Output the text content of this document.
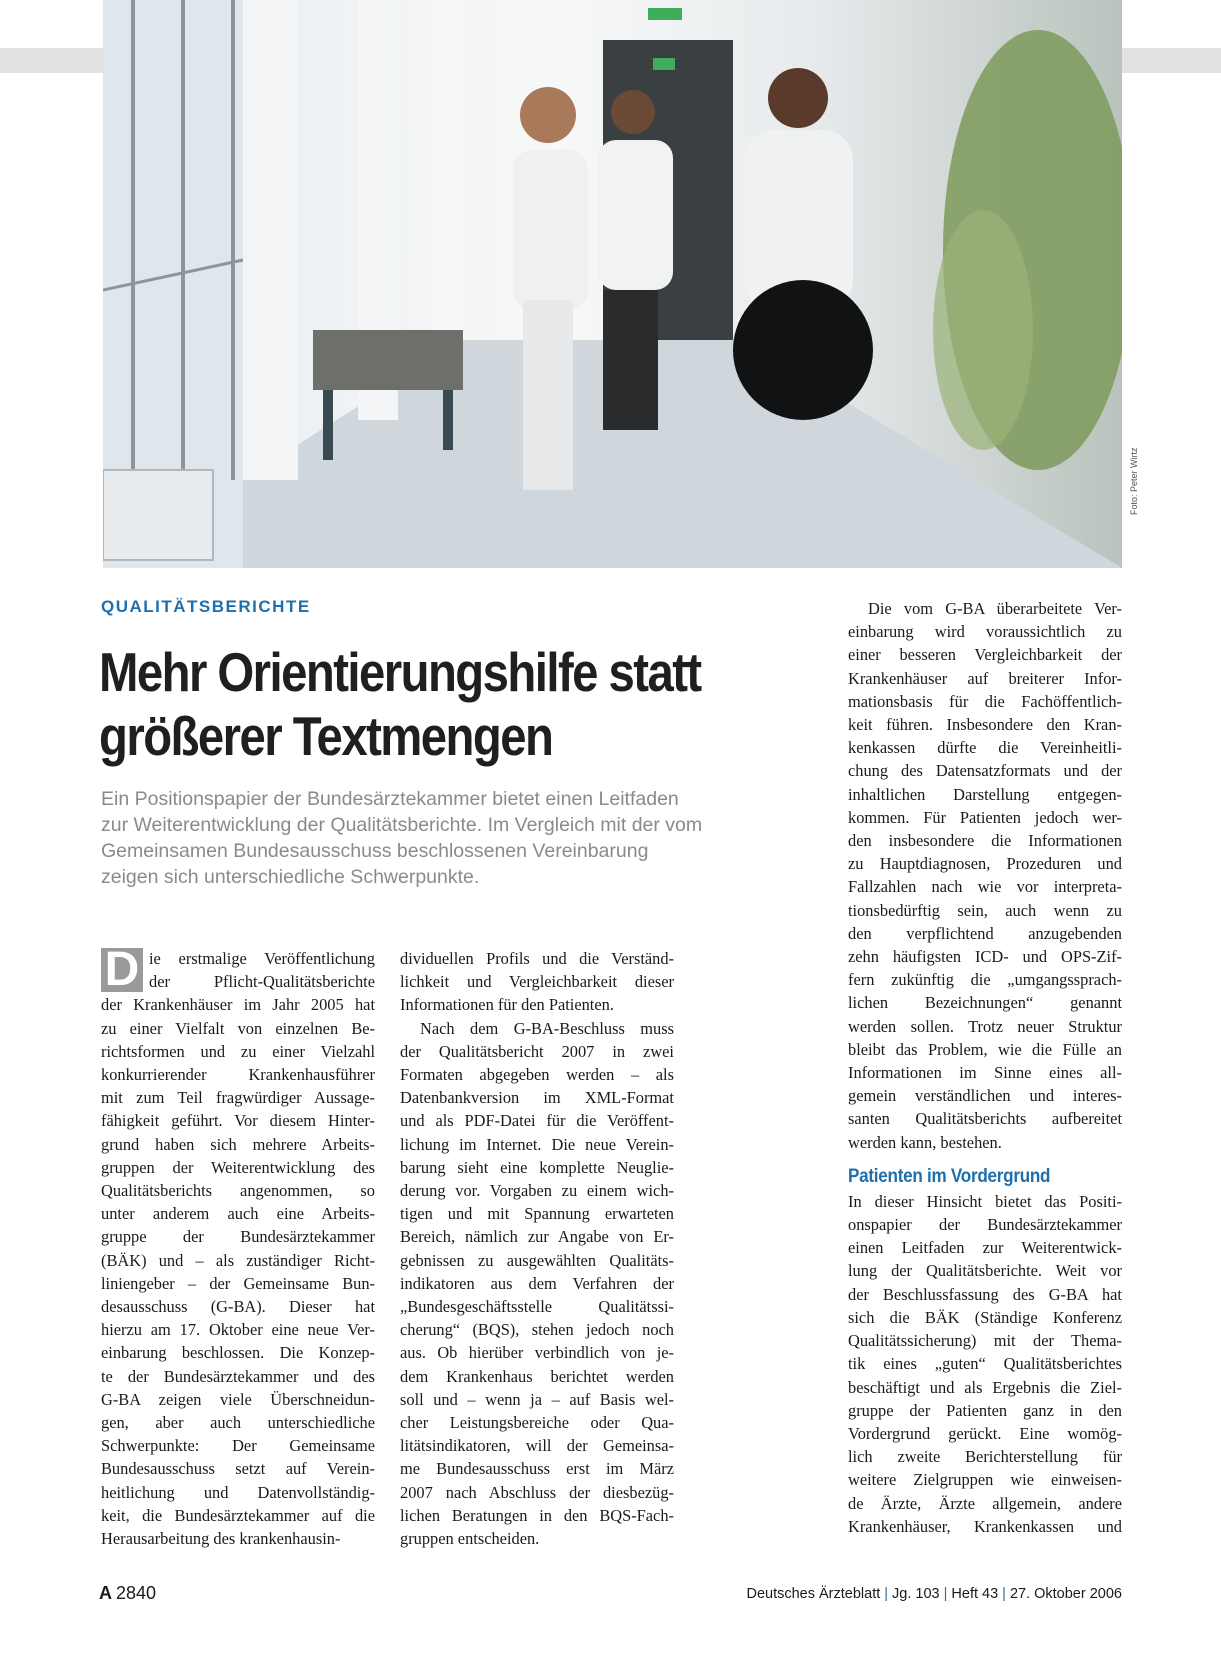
Foto: Peter Wirtz
QUALITÄTSBERICHTE
Mehr Orientierungshilfe statt
größerer Textmengen

Ein Positionspapier der Bundesärztekammer bietet einen Leitfaden
zur Weiterentwicklung der Qualitätsberichte. Im Vergleich mit der vom
Gemeinsamen Bundesausschuss beschlossenen Vereinbarung
zeigen sich unterschiedliche Schwerpunkte.

D ie erstmalige Veröffentlichung
der Pflicht-Qualitätsberichte
der Krankenhäuser im Jahr 2005 hat
zu einer Vielfalt von einzelnen Be-
richtsformen und zu einer Vielzahl
konkurrierender Krankenhausführer
mit zum Teil fragwürdiger Aussage-
fähigkeit geführt. Vor diesem Hinter-
grund haben sich mehrere Arbeits-
gruppen der Weiterentwicklung des
Qualitätsberichts angenommen, so
unter anderem auch eine Arbeits-
gruppe der Bundesärztekammer
(BÄK) und – als zuständiger Richt-
liniengeber – der Gemeinsame Bun-
desausschuss (G-BA). Dieser hat
hierzu am 17. Oktober eine neue Ver-
einbarung beschlossen. Die Konzep-
te der Bundesärztekammer und des
G-BA zeigen viele Überschneidun-
gen, aber auch unterschiedliche
Schwerpunkte: Der Gemeinsame
Bundesausschuss setzt auf Verein-
heitlichung und Datenvollständig-
keit, die Bundesärztekammer auf die
Herausarbeitung des krankenhausin-
dividuellen Profils und die Verständ-
lichkeit und Vergleichbarkeit dieser
Informationen für den Patienten.
Nach dem G-BA-Beschluss muss
der Qualitätsbericht 2007 in zwei
Formaten abgegeben werden – als
Datenbankversion im XML-Format
und als PDF-Datei für die Veröffent-
lichung im Internet. Die neue Verein-
barung sieht eine komplette Neuglie-
derung vor. Vorgaben zu einem wich-
tigen und mit Spannung erwarteten
Bereich, nämlich zur Angabe von Er-
gebnissen zu ausgewählten Qualitäts-
indikatoren aus dem Verfahren der
„Bundesgeschäftsstelle Qualitätssi-
cherung“ (BQS), stehen jedoch noch
aus. Ob hierüber verbindlich von je-
dem Krankenhaus berichtet werden
soll und – wenn ja – auf Basis wel-
cher Leistungsbereiche oder Qua-
litätsindikatoren, will der Gemeinsa-
me Bundesausschuss erst im März
2007 nach Abschluss der diesbezüg-
lichen Beratungen in den BQS-Fach-
gruppen entscheiden.
Die vom G-BA überarbeitete Ver-
einbarung wird voraussichtlich zu
einer besseren Vergleichbarkeit der
Krankenhäuser auf breiterer Infor-
mationsbasis für die Fachöffentlich-
keit führen. Insbesondere den Kran-
kenkassen dürfte die Vereinheitli-
chung des Datensatzformats und der
inhaltlichen Darstellung entgegen-
kommen. Für Patienten jedoch wer-
den insbesondere die Informationen
zu Hauptdiagnosen, Prozeduren und
Fallzahlen nach wie vor interpreta-
tionsbedürftig sein, auch wenn zu
den verpflichtend anzugebenden
zehn häufigsten ICD- und OPS-Zif-
fern zukünftig die „umgangssprach-
lichen Bezeichnungen“ genannt
werden sollen. Trotz neuer Struktur
bleibt das Problem, wie die Fülle an
Informationen im Sinne eines all-
gemein verständlichen und interes-
santen Qualitätsberichts aufbereitet
werden kann, bestehen.
Patienten im Vordergrund
In dieser Hinsicht bietet das Positi-
onspapier der Bundesärztekammer
einen Leitfaden zur Weiterentwick-
lung der Qualitätsberichte. Weit vor
der Beschlussfassung des G-BA hat
sich die BÄK (Ständige Konferenz
Qualitätssicherung) mit der Thema-
tik eines „guten“ Qualitätsberichtes
beschäftigt und als Ergebnis die Ziel-
gruppe der Patienten ganz in den
Vordergrund gerückt. Eine womög-
lich zweite Berichterstellung für
weitere Zielgruppen wie einweisen-
de Ärzte, Ärzte allgemein, andere
Krankenhäuser, Krankenkassen und
A 2840	Deutsches Ärzteblatt | Jg. 103 | Heft 43 | 27. Oktober 2006
